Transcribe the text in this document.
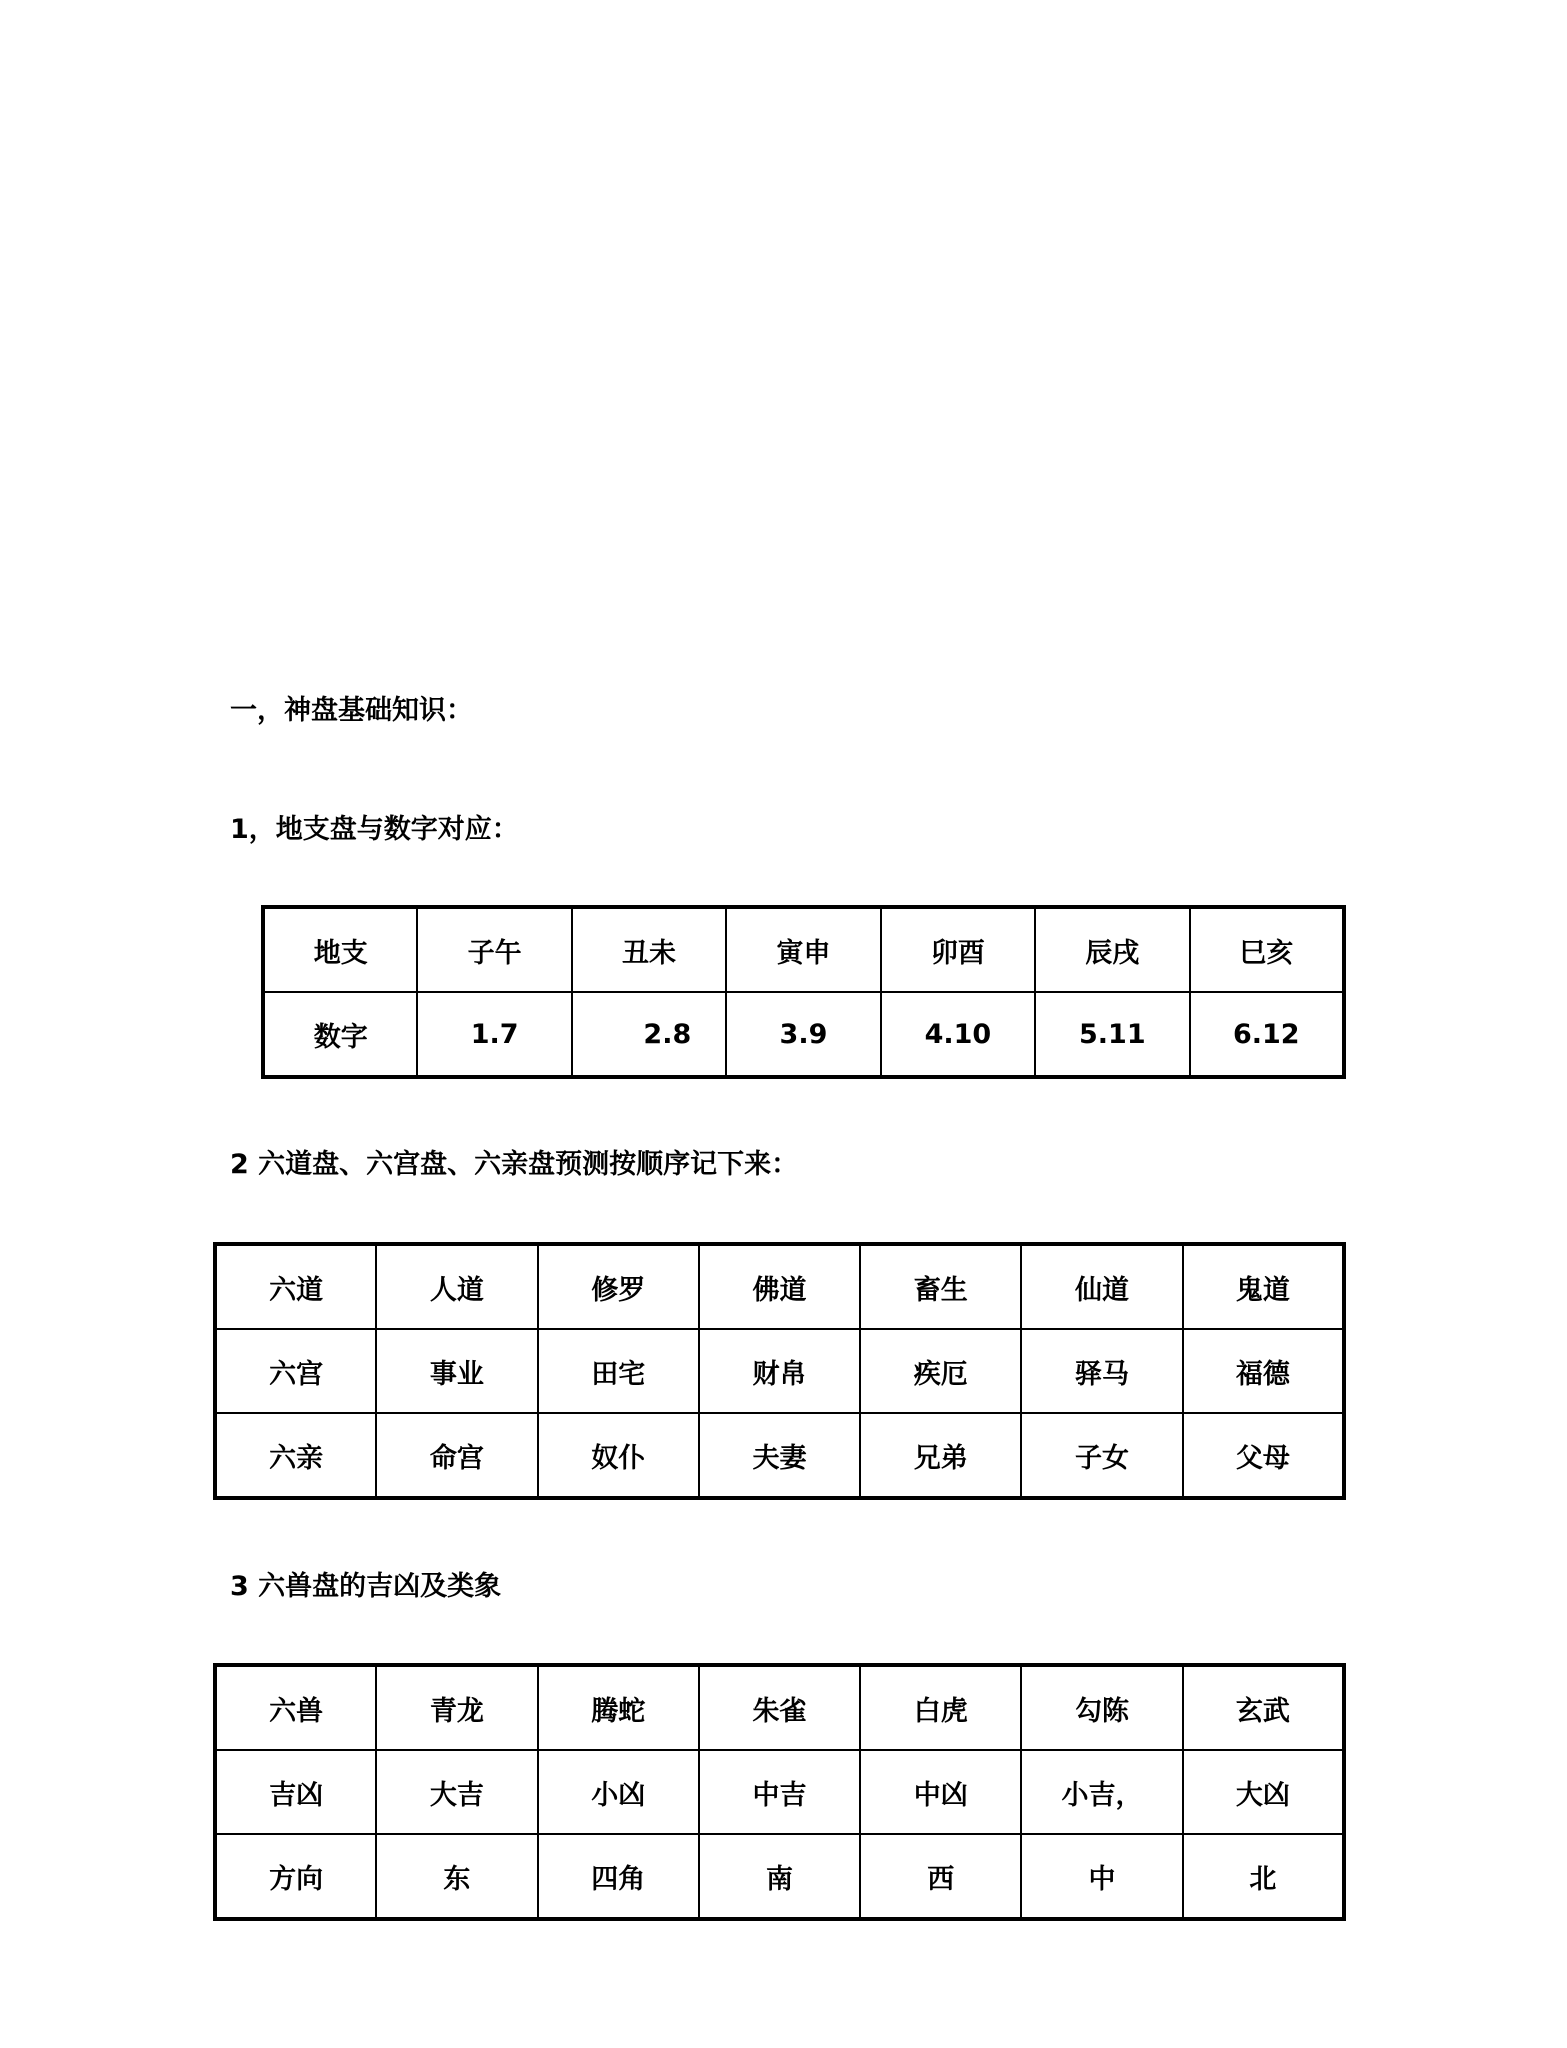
一，神盘基础知识：
1，地支盘与数字对应：
地支	子午	丑未	寅申	卯酉	辰戌	巳亥
数字	1.7	2.8	3.9	4.10	5.11	6.12
2 六道盘、六宫盘、六亲盘预测按顺序记下来：
六道	人道	修罗	佛道	畜生	仙道	鬼道
六宫	事业	田宅	财帛	疾厄	驿马	福德
六亲	命宫	奴仆	夫妻	兄弟	子女	父母
3 六兽盘的吉凶及类象
六兽	青龙	腾蛇	朱雀	白虎	勾陈	玄武
吉凶	大吉	小凶	中吉	中凶	小吉，	大凶
方向	东	四角	南	西	中	北
